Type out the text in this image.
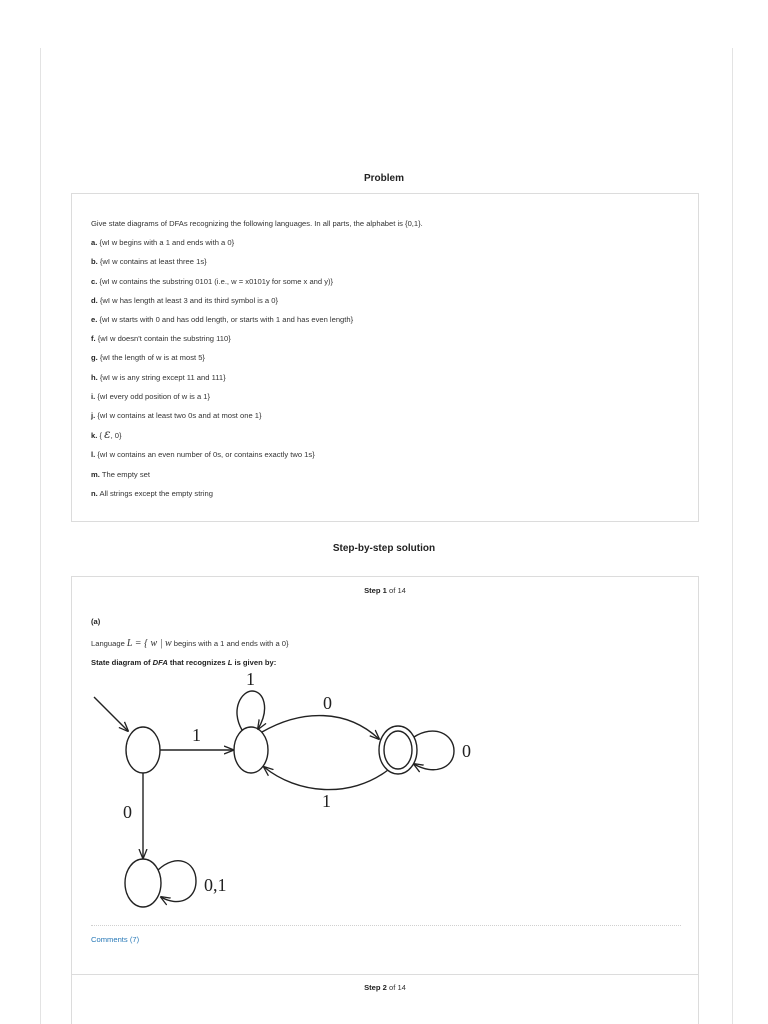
Problem
Give state diagrams of DFAs recognizing the following languages. In all parts, the alphabet is {0,1}.
a. {wI w begins with a 1 and ends with a 0}
b. {wI w contains at least three 1s}
c. {wI w contains the substring 0101 (i.e., w = x0101y for some x and y)}
d. {wI w has length at least 3 and its third symbol is a 0}
e. {wI w starts with 0 and has odd length, or starts with 1 and has even length}
f. {wI w doesn't contain the substring 110}
g. {wI the length of w is at most 5}
h. {wI w is any string except 11 and 111}
i. {wI every odd position of w is a 1}
j. {wI w contains at least two 0s and at most one 1}
k. { ε, 0}
l. {wI w contains an even number of 0s, or contains exactly two 1s}
m. The empty set
n. All strings except the empty string
Step-by-step solution
Step 1 of 14
(a)
Language L = { w | w begins with a 1 and ends with a 0}
State diagram of DFA that recognizes L is given by:
1
1
0
0
1
0
0,1
Comments (7)
Step 2 of 14
